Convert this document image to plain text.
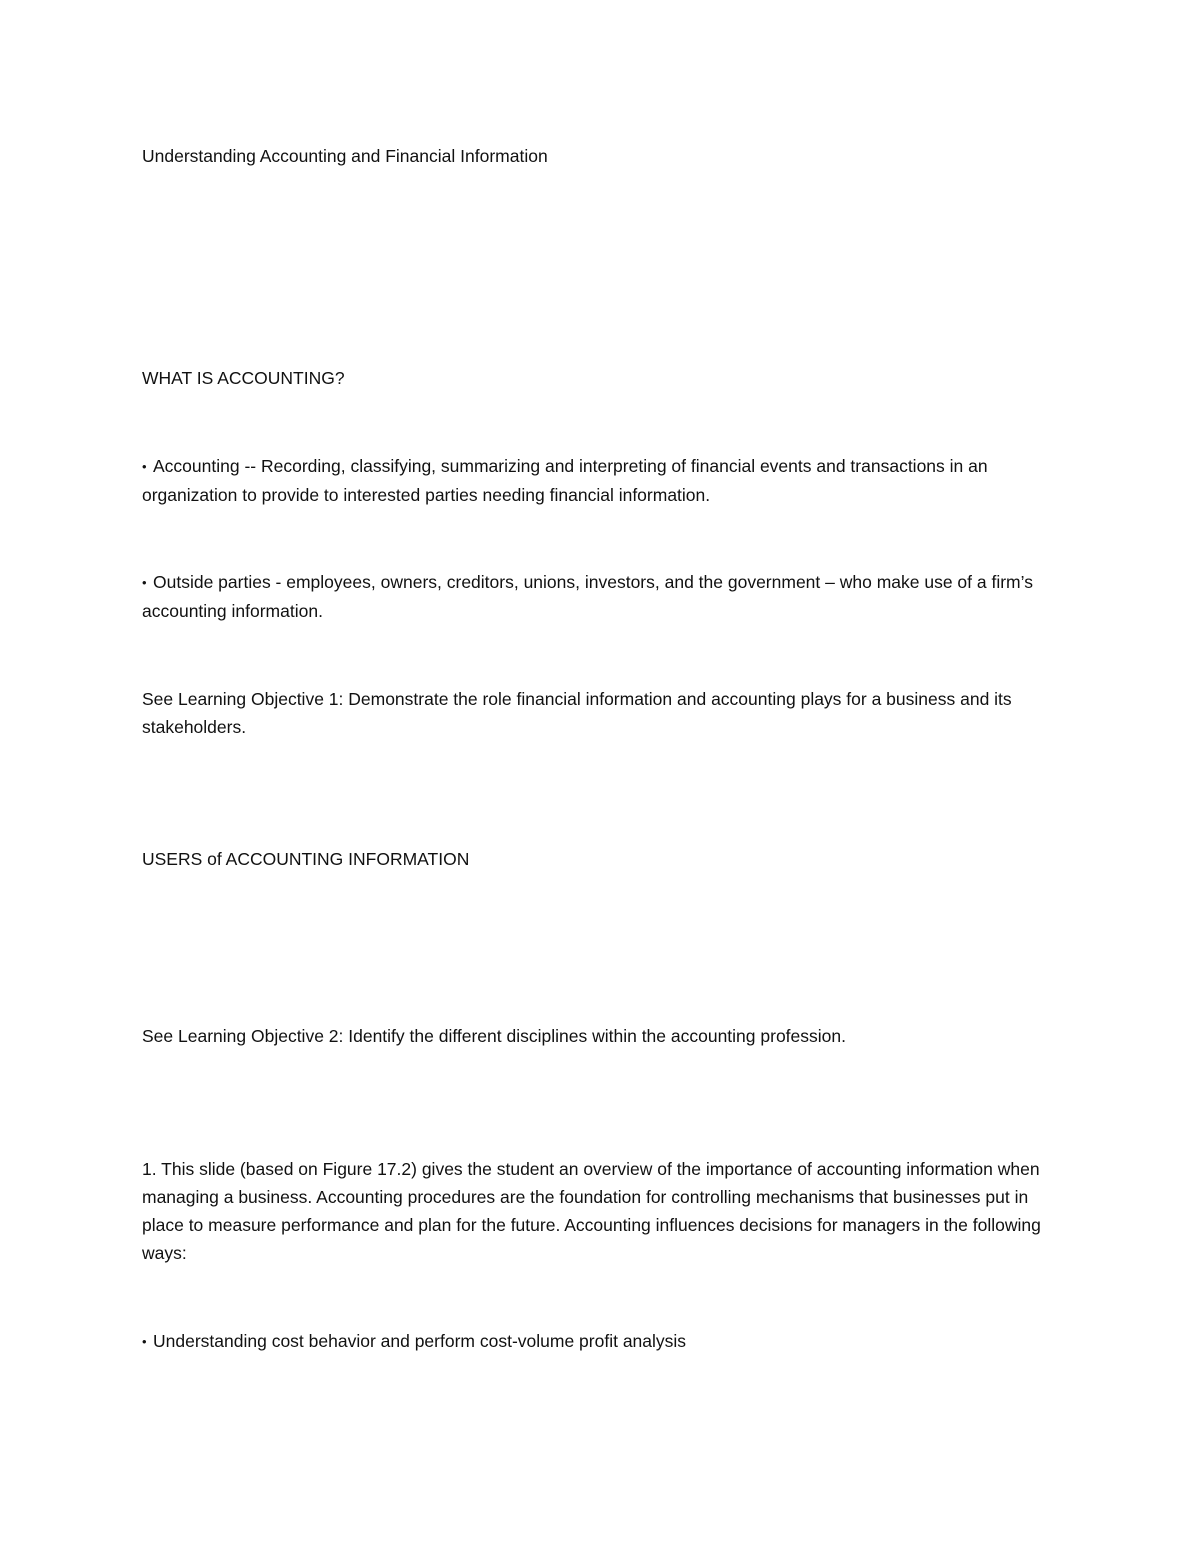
Understanding Accounting and Financial Information

WHAT IS ACCOUNTING?

• Accounting -- Recording, classifying, summarizing and interpreting of financial events and transactions in an organization to provide to interested parties needing financial information.

• Outside parties - employees, owners, creditors, unions, investors, and the government – who make use of a firm’s accounting information.

See Learning Objective 1: Demonstrate the role financial information and accounting plays for a business and its stakeholders.

USERS of ACCOUNTING INFORMATION

See Learning Objective 2: Identify the different disciplines within the accounting profession.

1. This slide (based on Figure 17.2) gives the student an overview of the importance of accounting information when managing a business. Accounting procedures are the foundation for controlling mechanisms that businesses put in place to measure performance and plan for the future. Accounting influences decisions for managers in the following ways:

• Understanding cost behavior and perform cost-volume profit analysis
